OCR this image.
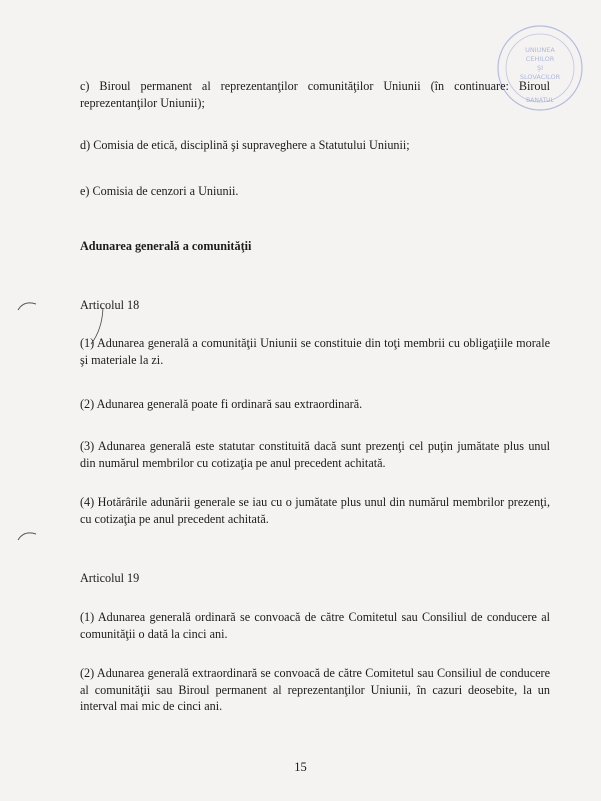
UNIUNEA
CEHILOR
ŞI
SLOVACILOR
BANATUL
c) Biroul permanent al reprezentanţilor comunităţilor Uniunii (în continuare: Biroul reprezentanţilor Uniunii);
d) Comisia de etică, disciplină şi supraveghere a Statutului Uniunii;
e) Comisia de cenzori a Uniunii.
Adunarea generală a comunităţii
Articolul 18
(1) Adunarea generală a comunităţii Uniunii se constituie din toţi membrii cu obligaţiile morale şi materiale la zi.
(2) Adunarea generală poate fi ordinară sau extraordinară.
(3) Adunarea generală este statutar constituită dacă sunt prezenţi cel puţin jumătate plus unul din numărul membrilor cu cotizaţia pe anul precedent achitată.
(4) Hotărârile adunării generale se iau cu o jumătate plus unul din numărul membrilor prezenţi, cu cotizaţia pe anul precedent achitată.
Articolul 19
(1) Adunarea generală ordinară se convoacă de către Comitetul sau Consiliul de conducere al comunităţii o dată la cinci ani.
(2) Adunarea generală extraordinară se convoacă de către Comitetul sau Consiliul de conducere al comunităţii sau Biroul permanent al reprezentanţilor Uniunii, în cazuri deosebite, la un interval mai mic de cinci ani.
15
